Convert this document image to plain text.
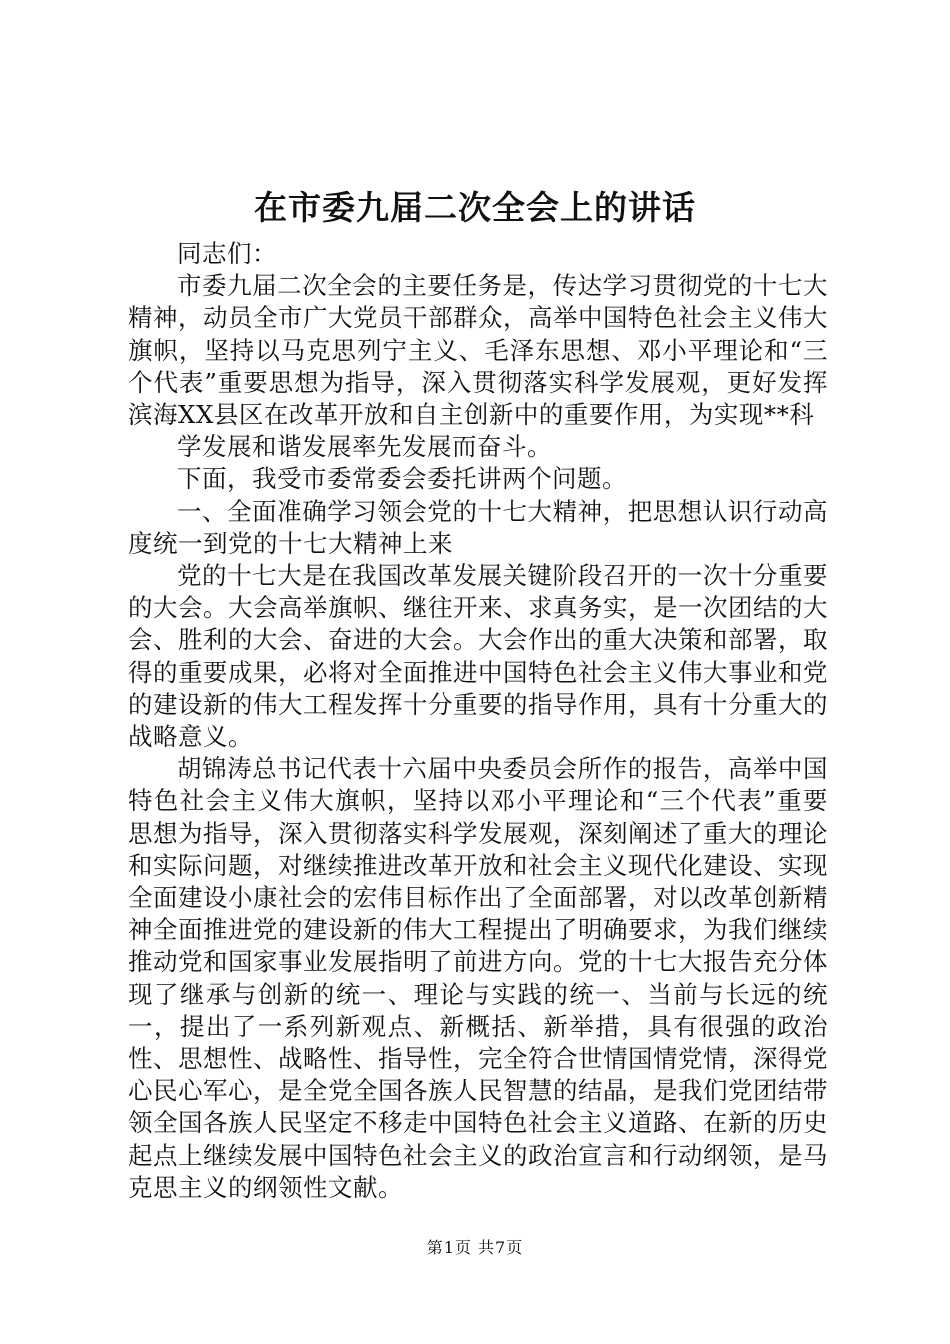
在市委九届二次全会上的讲话

同志们：

市委九届二次全会的主要任务是，传达学习贯彻党的十七大精神，动员全市广大党员干部群众，高举中国特色社会主义伟大旗帜，坚持以马克思列宁主义、毛泽东思想、邓小平理论和“三个代表”重要思想为指导，深入贯彻落实科学发展观，更好发挥滨海XX县区在改革开放和自主创新中的重要作用，为实现**科

学发展和谐发展率先发展而奋斗。

下面，我受市委常委会委托讲两个问题。

一、全面准确学习领会党的十七大精神，把思想认识行动高度统一到党的十七大精神上来

党的十七大是在我国改革发展关键阶段召开的一次十分重要的大会。大会高举旗帜、继往开来、求真务实，是一次团结的大会、胜利的大会、奋进的大会。大会作出的重大决策和部署，取得的重要成果，必将对全面推进中国特色社会主义伟大事业和党的建设新的伟大工程发挥十分重要的指导作用，具有十分重大的战略意义。

胡锦涛总书记代表十六届中央委员会所作的报告，高举中国特色社会主义伟大旗帜，坚持以邓小平理论和“三个代表”重要思想为指导，深入贯彻落实科学发展观，深刻阐述了重大的理论和实际问题，对继续推进改革开放和社会主义现代化建设、实现全面建设小康社会的宏伟目标作出了全面部署，对以改革创新精神全面推进党的建设新的伟大工程提出了明确要求，为我们继续推动党和国家事业发展指明了前进方向。党的十七大报告充分体现了继承与创新的统一、理论与实践的统一、当前与长远的统一，提出了一系列新观点、新概括、新举措，具有很强的政治性、思想性、战略性、指导性，完全符合世情国情党情，深得党心民心军心，是全党全国各族人民智慧的结晶，是我们党团结带领全国各族人民坚定不移走中国特色社会主义道路、在新的历史起点上继续发展中国特色社会主义的政治宣言和行动纲领，是马克思主义的纲领性文献。

第1页 共7页
